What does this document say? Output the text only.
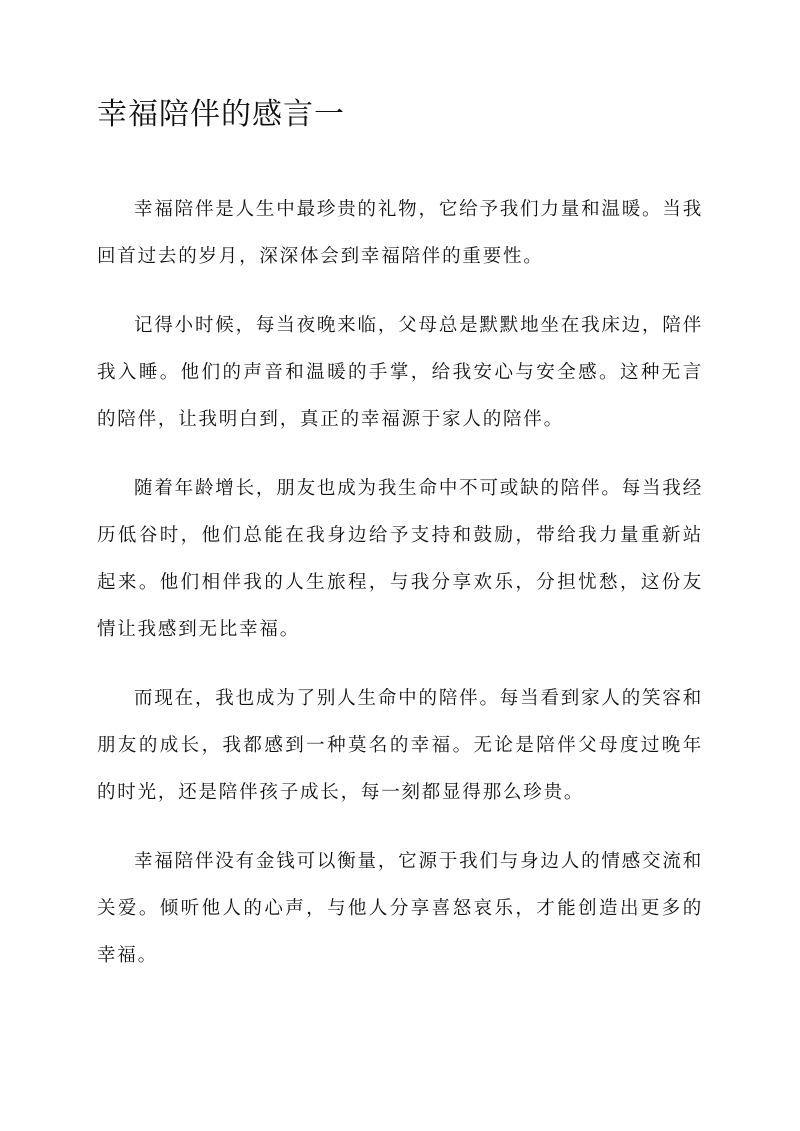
幸福陪伴的感言一

幸福陪伴是人生中最珍贵的礼物，它给予我们力量和温暖。当我回首过去的岁月，深深体会到幸福陪伴的重要性。

记得小时候，每当夜晚来临，父母总是默默地坐在我床边，陪伴我入睡。他们的声音和温暖的手掌，给我安心与安全感。这种无言的陪伴，让我明白到，真正的幸福源于家人的陪伴。

随着年龄增长，朋友也成为我生命中不可或缺的陪伴。每当我经历低谷时，他们总能在我身边给予支持和鼓励，带给我力量重新站起来。他们相伴我的人生旅程，与我分享欢乐，分担忧愁，这份友情让我感到无比幸福。

而现在，我也成为了别人生命中的陪伴。每当看到家人的笑容和朋友的成长，我都感到一种莫名的幸福。无论是陪伴父母度过晚年的时光，还是陪伴孩子成长，每一刻都显得那么珍贵。

幸福陪伴没有金钱可以衡量，它源于我们与身边人的情感交流和关爱。倾听他人的心声，与他人分享喜怒哀乐，才能创造出更多的幸福。
